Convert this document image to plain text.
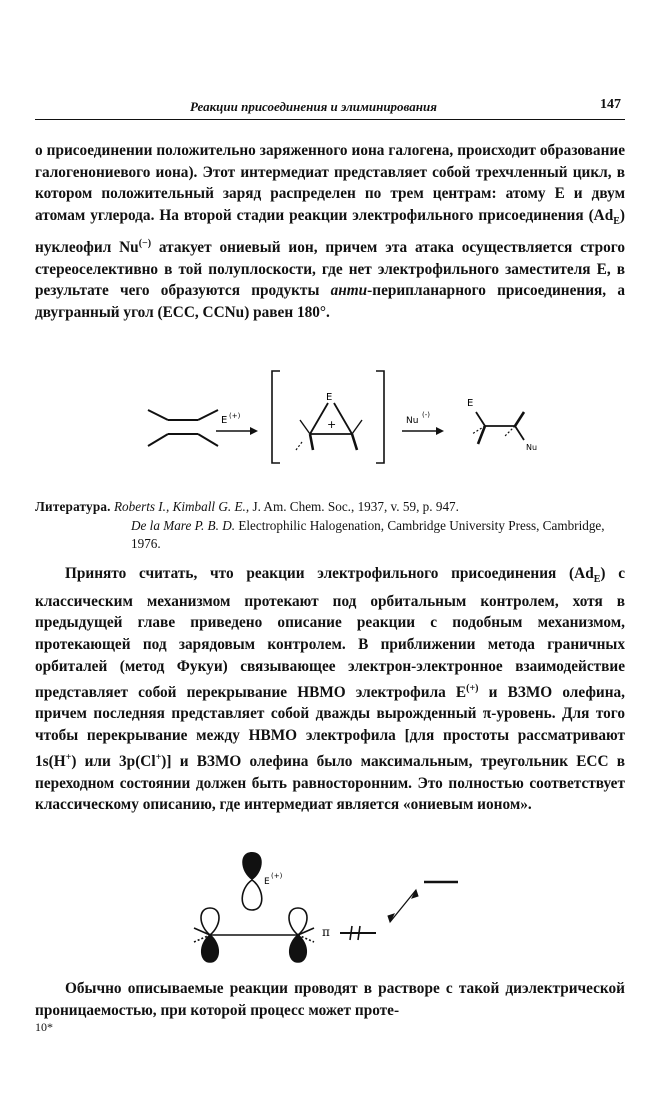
Реакции присоединения и элиминирования	147

о присоединении положительно заряженного иона галогена, происходит образование галогенониевого иона). Этот интермедиат представляет собой трехчленный цикл, в котором положительный заряд распределен по трем центрам: атому E и двум атомам углерода. На второй стадии реакции электрофильного присоединения $(Ad_E)$ нуклеофил Nu(−) атакует ониевый ион, причем эта атака осуществляется строго стереоселективно в той полуплоскости, где нет электрофильного заместителя E, в результате чего образуются продукты анти-перипланарного присоединения, а двугранный угол (ECC, CCNu) равен 180°.

E (+)
E
+	Nu
(-)
E
Nu

Литература. Roberts I., Kimball G. E., J. Am. Chem. Soc., 1937, v. 59, p. 947.

De la Mare P. B. D. Electrophilic Halogenation, Cambridge University Press, Cambridge, 1976.

Принято считать, что реакции электрофильного присоединения $(Ad_E)$ с классическим механизмом протекают под орбитальным контролем, хотя в предыдущей главе приведено описание реакции с подобным механизмом, протекающей под зарядовым контролем. В приближении метода граничных орбиталей (метод Фукуи) связывающее электрон-электронное взаимодействие представляет собой перекрывание НВМО электрофила E(+) и ВЗМО олефина, причем последняя представляет собой дважды вырожденный π-уровень. Для того чтобы перекрывание между НВМО электрофила [для простоты рассматривают 1s(H+) или 3p(Cl+)] и ВЗМО олефина было максимальным, треугольник ECC в переходном состоянии должен быть равносторонним. Это полностью соответствует классическому описанию, где интермедиат является «ониевым ионом».

E
(+)
π

Обычно описываемые реакции проводят в растворе с такой диэлектрической проницаемостью, при которой процесс может проте-

10*
